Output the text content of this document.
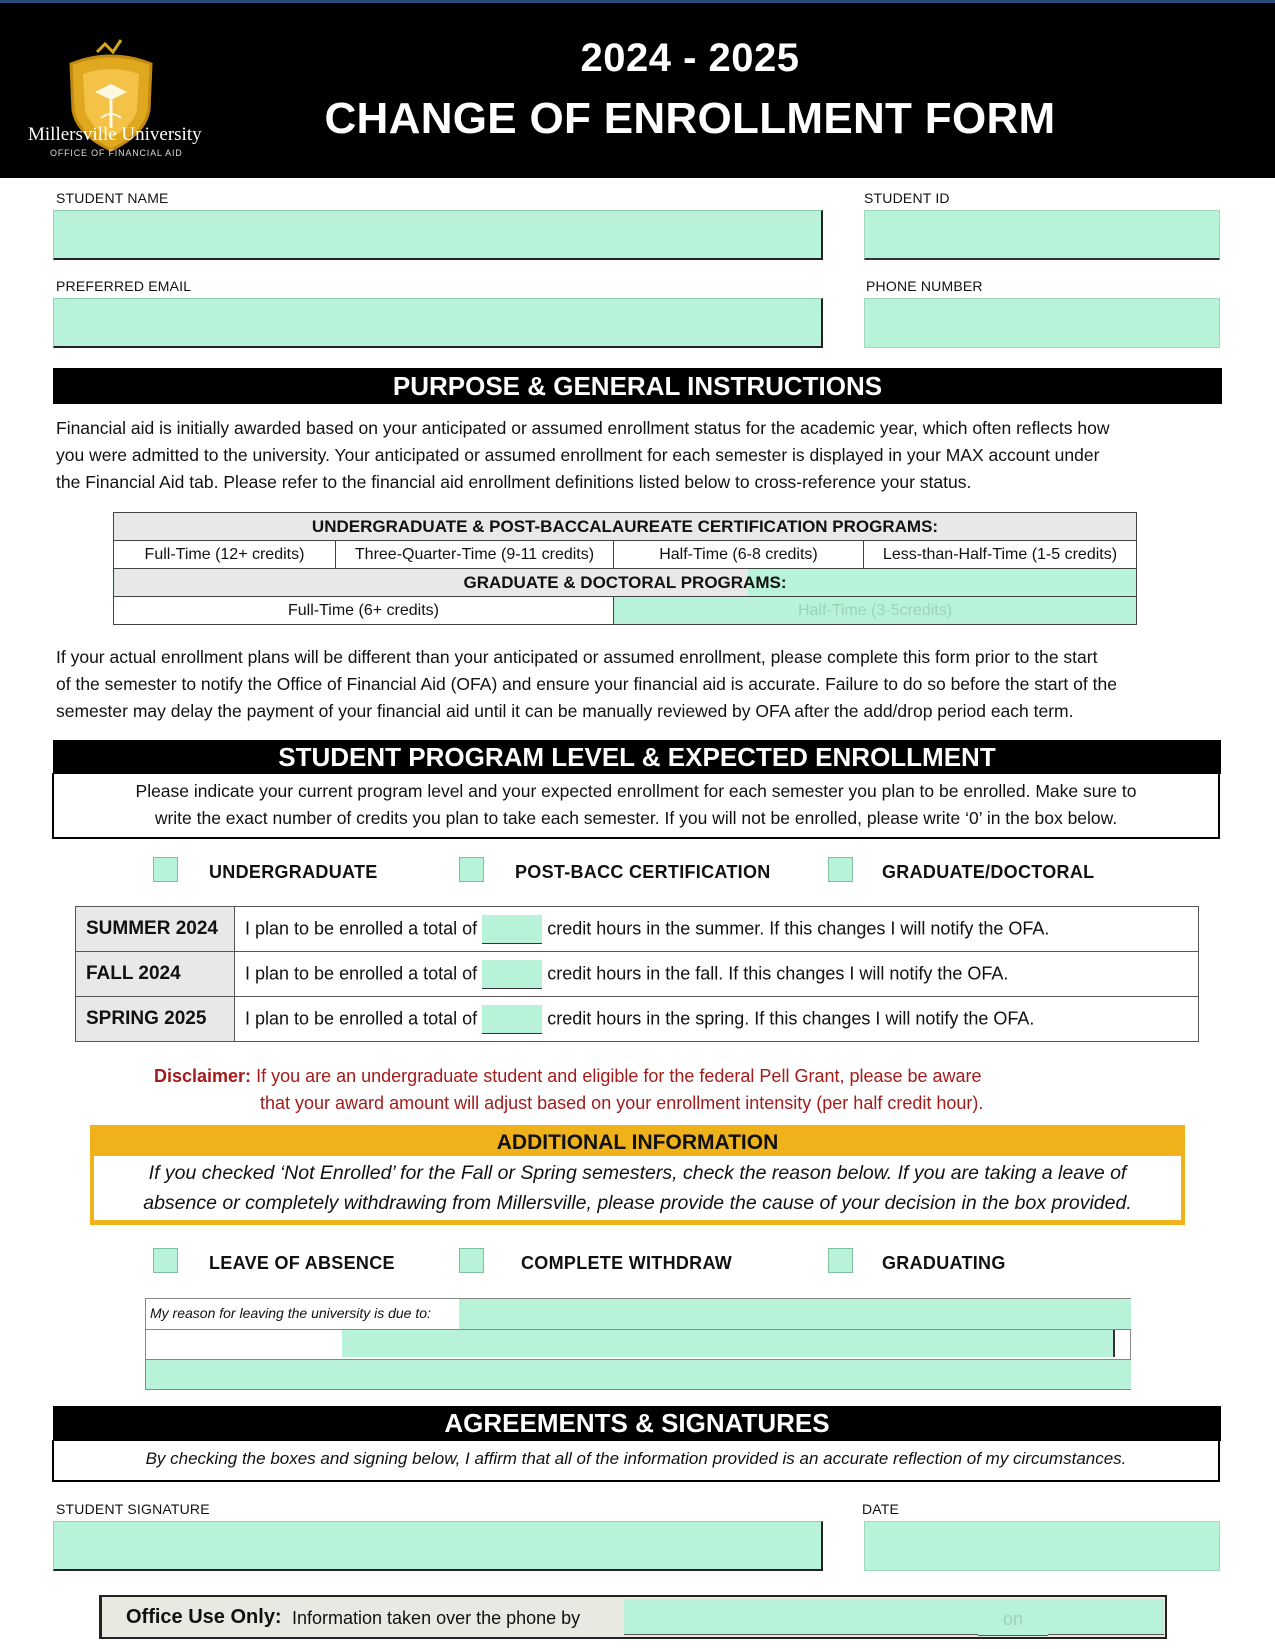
Millersville University
OFFICE OF FINANCIAL AID
2024 - 2025
CHANGE OF ENROLLMENT FORM
STUDENT NAME	STUDENT ID
PREFERRED EMAIL	PHONE NUMBER
PURPOSE & GENERAL INSTRUCTIONS
Financial aid is initially awarded based on your anticipated or assumed enrollment status for the academic year, which often reflects how
you were admitted to the university. Your anticipated or assumed enrollment for each semester is displayed in your MAX account under
the Financial Aid tab. Please refer to the financial aid enrollment definitions listed below to cross-reference your status.
UNDERGRADUATE & POST-BACCALAUREATE CERTIFICATION PROGRAMS:			
Full-Time (12+ credits)	Three-Quarter-Time (9-11 credits)	Half-Time (6-8 credits)	Less-than-Half-Time (1-5 credits)
GRADUATE & DOCTORAL PROGRAMS:			
Full-Time (6+ credits)		Half-Time (3-5credits)	
If your actual enrollment plans will be different than your anticipated or assumed enrollment, please complete this form prior to the start
of the semester to notify the Office of Financial Aid (OFA) and ensure your financial aid is accurate. Failure to do so before the start of the
semester may delay the payment of your financial aid until it can be manually reviewed by OFA after the add/drop period each term.
STUDENT PROGRAM LEVEL & EXPECTED ENROLLMENT
Please indicate your current program level and your expected enrollment for each semester you plan to be enrolled. Make sure to
write the exact number of credits you plan to take each semester. If you will not be enrolled, please write ‘0’ in the box below.
UNDERGRADUATE	POST-BACC CERTIFICATION	GRADUATE/DOCTORAL
SUMMER 2024	I plan to be enrolled a total of credit hours in the summer. If this changes I will notify the OFA.
FALL 2024	I plan to be enrolled a total of credit hours in the fall. If this changes I will notify the OFA.
SPRING 2025	I plan to be enrolled a total of credit hours in the spring. If this changes I will notify the OFA.
Disclaimer: If you are an undergraduate student and eligible for the federal Pell Grant, please be aware
that your award amount will adjust based on your enrollment intensity (per half credit hour).
ADDITIONAL INFORMATION
If you checked ‘Not Enrolled’ for the Fall or Spring semesters, check the reason below. If you are taking a leave of
absence or completely withdrawing from Millersville, please provide the cause of your decision in the box provided.
LEAVE OF ABSENCE	COMPLETE WITHDRAW	GRADUATING
My reason for leaving the university is due to:
AGREEMENTS & SIGNATURES
By checking the boxes and signing below, I affirm that all of the information provided is an accurate reflection of my circumstances.
STUDENT SIGNATURE	DATE
Office Use Only: Information taken over the phone by	on
